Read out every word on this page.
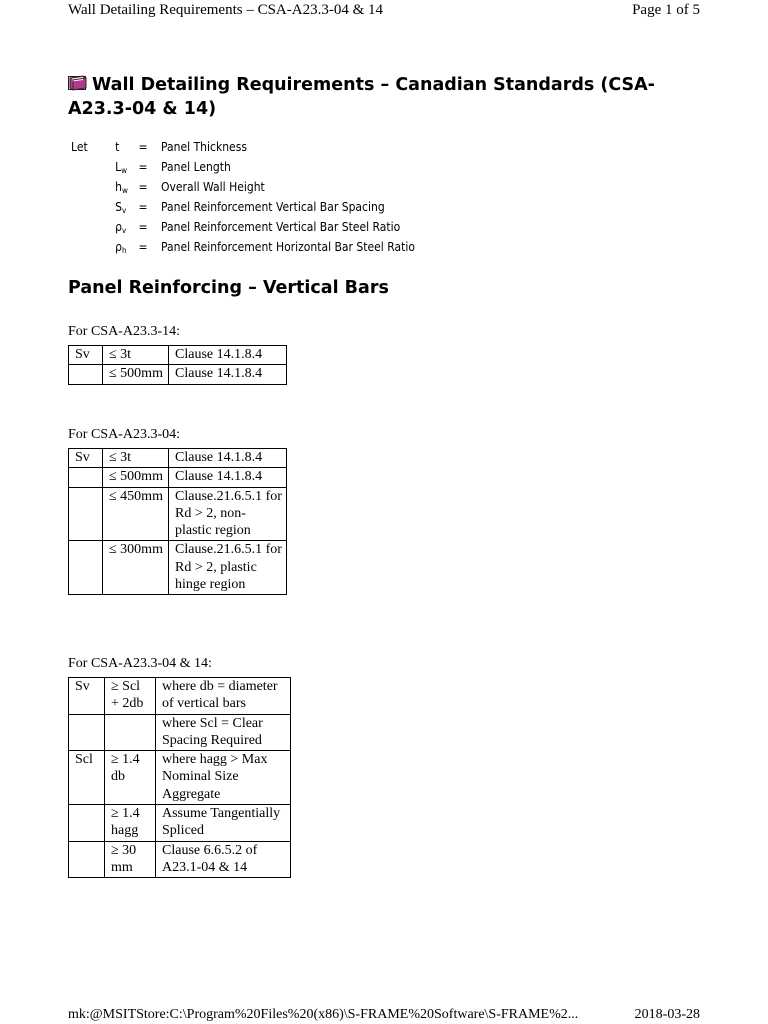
Wall Detailing Requirements – CSA-A23.3-04 & 14	Page 1 of 5
Wall Detailing Requirements – Canadian Standards (CSA-A23.3-04 & 14)
Let t = Panel Thickness
$L_w$ = Panel Length
$h_w$ = Overall Wall Height
$S_v$ = Panel Reinforcement Vertical Bar Spacing
$\rho_v$ = Panel Reinforcement Vertical Bar Steel Ratio
$\rho_h$ = Panel Reinforcement Horizontal Bar Steel Ratio
Panel Reinforcing – Vertical Bars
For CSA-A23.3-14:
Sv	≤ 3t	Clause 14.1.8.4
	≤ 500mm	Clause 14.1.8.4
For CSA-A23.3-04:
Sv	≤ 3t	Clause 14.1.8.4
	≤ 500mm	Clause 14.1.8.4
	≤ 450mm	Clause.21.6.5.1 for Rd > 2, non-plastic region
	≤ 300mm	Clause.21.6.5.1 for Rd > 2, plastic hinge region
For CSA-A23.3-04 & 14:
Sv	≥ Scl + 2db	where db = diameter of vertical bars
		where Scl = Clear Spacing Required
Scl	≥ 1.4 db	where hagg > Max Nominal Size Aggregate
	≥ 1.4 hagg	Assume Tangentially Spliced
	≥ 30 mm	Clause 6.6.5.2 of A23.1-04 & 14
mk:@MSITStore:C:\Program%20Files%20(x86)\S-FRAME%20Software\S-FRAME%2...	2018-03-28
